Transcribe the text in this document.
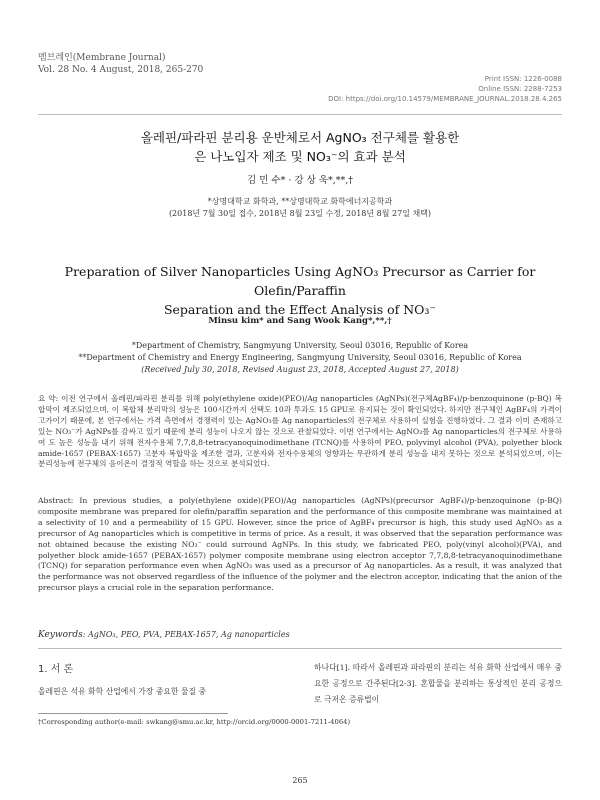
멤브레인(Membrane Journal)
Vol. 28 No. 4 August, 2018, 265-270
Print ISSN: 1226-0088
Online ISSN: 2288-7253
DOI: https://doi.org/10.14579/MEMBRANE_JOURNAL.2018.28.4.265
올레핀/파라핀 분리용 운반체로서 AgNO₃ 전구체를 활용한
은 나노입자 제조 및 NO₃⁻의 효과 분석
김 민 수* · 강 상 욱*,**,†
*상명대학교 화학과, **상명대학교 화학에너지공학과
(2018년 7월 30일 접수, 2018년 8월 23일 수정, 2018년 8월 27일 채택)
Preparation of Silver Nanoparticles Using AgNO₃ Precursor as Carrier for Olefin/Paraffin
Separation and the Effect Analysis of NO₃⁻
Minsu kim* and Sang Wook Kang*,**,†
*Department of Chemistry, Sangmyung University, Seoul 03016, Republic of Korea
**Department of Chemistry and Energy Engineering, Sangmyung University, Seoul 03016, Republic of Korea
(Received July 30, 2018, Revised August 23, 2018, Accepted August 27, 2018)
요 약: 이전 연구에서 올레핀/파라핀 분리를 위해 poly(ethylene oxide)(PEO)/Ag nanoparticles (AgNPs)(전구체AgBF₄)/p-benzoquinone (p-BQ) 복합막이 제조되었으며, 이 복합체 분리막의 성능은 100시간까지 선택도 10과 투과도 15 GPU로 유지되는 것이 확인되었다. 하지만 전구체인 AgBF₄의 가격이 고가이기 때문에, 본 연구에서는 가격 측면에서 경쟁력이 있는 AgNO₃를 Ag nanoparticles의 전구체로 사용하여 실험을 진행하였다. 그 결과 이미 존재하고 있는 NO₃⁻가 AgNPs를 감싸고 있기 때문에 분리 성능이 나오지 않는 것으로 관찰되었다. 이번 연구에서는 AgNO₃를 Ag nanoparticles의 전구체로 사용하여 도 높은 성능을 내기 위해 전자수용체 7,7,8,8-tetracyanoquinodimethane (TCNQ)를 사용하여 PEO, polyvinyl alcohol (PVA), polyether block amide-1657 (PEBAX-1657) 고분자 복합막을 제조한 결과, 고분자와 전자수용체의 영향과는 무관하게 분리 성능을 내지 못하는 것으로 분석되었으며, 이는 분리성능에 전구체의 음이온이 결정적 역할을 하는 것으로 분석되었다.
Abstract: In previous studies, a poly(ethylene oxide)(PEO)/Ag nanoparticles (AgNPs)(precursor AgBF₄)/p-benzoquinone (p-BQ) composite membrane was prepared for olefin/paraffin separation and the performance of this composite membrane was maintained at a selectivity of 10 and a permeability of 15 GPU. However, since the price of AgBF₄ precursor is high, this study used AgNO₃ as a precursor of Ag nanoparticles which is competitive in terms of price. As a result, it was observed that the separation performance was not obtained because the existing NO₃⁻ could surround AgNPs. In this study, we fabricated PEO, poly(vinyl alcohol)(PVA), and polyether block amide-1657 (PEBAX-1657) polymer composite membrane using electron acceptor 7,7,8,8-tetracyanoquinodimethane (TCNQ) for separation performance even when AgNO₃ was used as a precursor of Ag nanoparticles. As a result, it was analyzed that the performance was not observed regardless of the influence of the polymer and the electron acceptor, indicating that the anion of the precursor plays a crucial role in the separation performance.
Keywords: AgNO₃, PEO, PVA, PEBAX-1657, Ag nanoparticles
1. 서 론
올레핀은 석유 화학 산업에서 가장 중요한 물질 중
하나다[1]. 따라서 올레핀과 파라핀의 분리는 석유 화학 산업에서 매우 중요한 공정으로 간주된다[2-3]. 혼합물을 분리하는 통상적인 분리 공정으로 극저온 증류법이
†Corresponding author(e-mail: swkang@smu.ac.kr, http://orcid.org/0000-0001-7211-4064)
265
